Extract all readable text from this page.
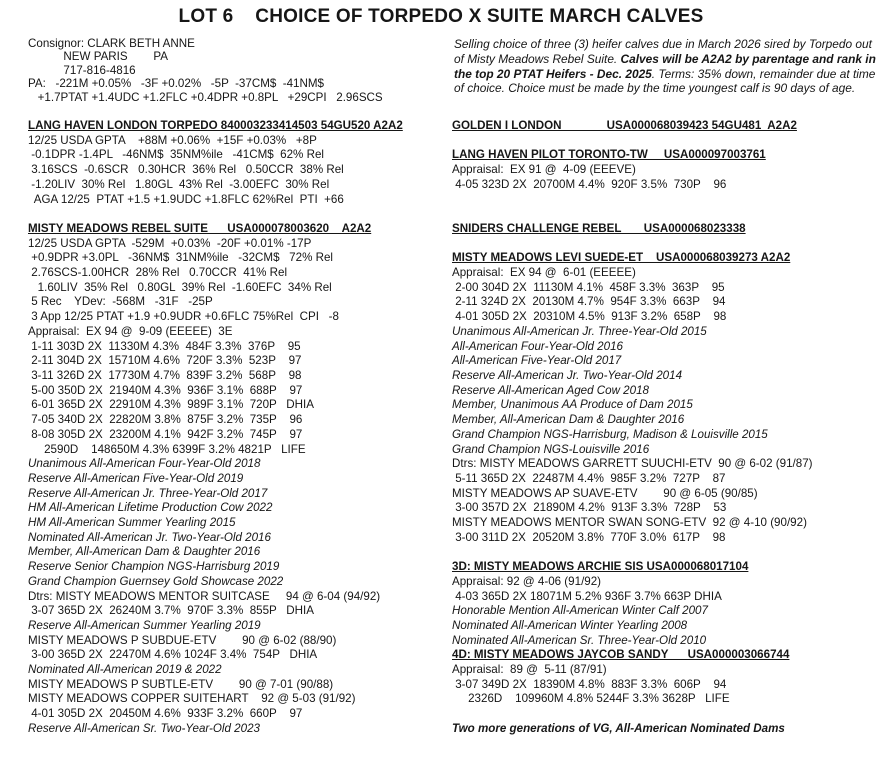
LOT 6    CHOICE OF TORPEDO X SUITE MARCH CALVES
Consignor: CLARK BETH ANNE
NEW PARIS        PA
717-816-4816
PA:   -221M +0.05%   -3F +0.02%   -5P  -37CM$  -41NM$
+1.7PTAT +1.4UDC +1.2FLC +0.4DPR +0.8PL   +29CPI   2.96SCS
Selling choice of three (3) heifer calves due in March 2026 sired by Torpedo out of Misty Meadows Rebel Suite. Calves will be A2A2 by parentage and rank in the top 20 PTAT Heifers - Dec. 2025. Terms: 35% down, remainder due at time of choice. Choice must be made by the time youngest calf is 90 days of age.
LANG HAVEN LONDON TORPEDO 840003233414503 54GU520 A2A2
12/25 USDA GPTA    +88M +0.06%  +15F +0.03%   +8P
-0.1DPR -1.4PL   -46NM$  35NM%ile   -41CM$  62% Rel
3.16SCS  -0.6SCR   0.30HCR  36% Rel   0.50CCR  38% Rel
-1.20LIV  30% Rel   1.80GL  43% Rel  -3.00EFC  30% Rel
AGA 12/25  PTAT +1.5 +1.9UDC +1.8FLC 62%Rel  PTI  +66

MISTY MEADOWS REBEL SUITE      USA000078003620    A2A2
12/25 USDA GPTA  -529M  +0.03%  -20F +0.01% -17P
+0.9DPR +3.0PL   -36NM$  31NM%ile   -32CM$   72% Rel
2.76SCS-1.00HCR  28% Rel   0.70CCR  41% Rel
1.60LIV  35% Rel   0.80GL  39% Rel  -1.60EFC  34% Rel
5 Rec    YDev:  -568M   -31F   -25P
3 App 12/25 PTAT +1.9 +0.9UDR +0.6FLC 75%Rel  CPI   -8
Appraisal:  EX 94 @  9-09 (EEEEE)  3E
1-11 303D 2X  11330M 4.3%  484F 3.3%  376P    95
2-11 304D 2X  15710M 4.6%  720F 3.3%  523P    97
3-11 326D 2X  17730M 4.7%  839F 3.2%  568P    98
5-00 350D 2X  21940M 4.3%  936F 3.1%  688P    97
6-01 365D 2X  22910M 4.3%  989F 3.1%  720P   DHIA
7-05 340D 2X  22820M 3.8%  875F 3.2%  735P    96
8-08 305D 2X  23200M 4.1%  942F 3.2%  745P    97
2590D    148650M 4.3% 6399F 3.2% 4821P   LIFE
Unanimous All-American Four-Year-Old 2018
Reserve All-American Five-Year-Old 2019
Reserve All-American Jr. Three-Year-Old 2017
HM All-American Lifetime Production Cow 2022
HM All-American Summer Yearling 2015
Nominated All-American Jr. Two-Year-Old 2016
Member, All-American Dam & Daughter 2016
Reserve Senior Champion NGS-Harrisburg 2019
Grand Champion Guernsey Gold Showcase 2022
Dtrs: MISTY MEADOWS MENTOR SUITCASE     94 @ 6-04 (94/92)
3-07 365D 2X  26240M 3.7%  970F 3.3%  855P   DHIA
Reserve All-American Summer Yearling 2019
MISTY MEADOWS P SUBDUE-ETV        90 @ 6-02 (88/90)
3-00 365D 2X  22470M 4.6% 1024F 3.4%  754P   DHIA
Nominated All-American 2019 & 2022
MISTY MEADOWS P SUBTLE-ETV        90 @ 7-01 (90/88)
MISTY MEADOWS COPPER SUITEHART    92 @ 5-03 (91/92)
4-01 305D 2X  20450M 4.6%  933F 3.2%  660P    97
Reserve All-American Sr. Two-Year-Old 2023
GOLDEN I LONDON              USA000068039423 54GU481  A2A2

LANG HAVEN PILOT TORONTO-TW     USA000097003761
Appraisal:  EX 91 @  4-09 (EEEVE)
4-05 323D 2X  20700M 4.4%  920F 3.5%  730P    96

SNIDERS CHALLENGE REBEL       USA000068023338

MISTY MEADOWS LEVI SUEDE-ET    USA000068039273 A2A2
Appraisal:  EX 94 @  6-01 (EEEEE)
2-00 304D 2X  11130M 4.1%  458F 3.3%  363P    95
2-11 324D 2X  20130M 4.7%  954F 3.3%  663P    94
4-01 305D 2X  20310M 4.5%  913F 3.2%  658P    98
Unanimous All-American Jr. Three-Year-Old 2015
All-American Four-Year-Old 2016
All-American Five-Year-Old 2017
Reserve All-American Jr. Two-Year-Old 2014
Reserve All-American Aged Cow 2018
Member, Unanimous AA Produce of Dam 2015
Member, All-American Dam & Daughter 2016
Grand Champion NGS-Harrisburg, Madison & Louisville 2015
Grand Champion NGS-Louisville 2016
Dtrs: MISTY MEADOWS GARRETT SUUCHI-ETV  90 @ 6-02 (91/87)
5-11 365D 2X  22487M 4.4%  985F 3.2%  727P    87
MISTY MEADOWS AP SUAVE-ETV        90 @ 6-05 (90/85)
3-00 357D 2X  21890M 4.2%  913F 3.3%  728P    53
MISTY MEADOWS MENTOR SWAN SONG-ETV  92 @ 4-10 (90/92)
3-00 311D 2X  20520M 3.8%  770F 3.0%  617P    98

3D: MISTY MEADOWS ARCHIE SIS USA000068017104
Appraisal: 92 @ 4-06 (91/92)
4-03 365D 2X 18071M 5.2% 936F 3.7% 663P DHIA
Honorable Mention All-American Winter Calf 2007
Nominated All-American Winter Yearling 2008
Nominated All-American Sr. Three-Year-Old 2010
4D: MISTY MEADOWS JAYCOB SANDY      USA000003066744
Appraisal:  89 @  5-11 (87/91)
3-07 349D 2X  18390M 4.8%  883F 3.3%  606P    94
2326D    109960M 4.8% 5244F 3.3% 3628P   LIFE

Two more generations of VG, All-American Nominated Dams
